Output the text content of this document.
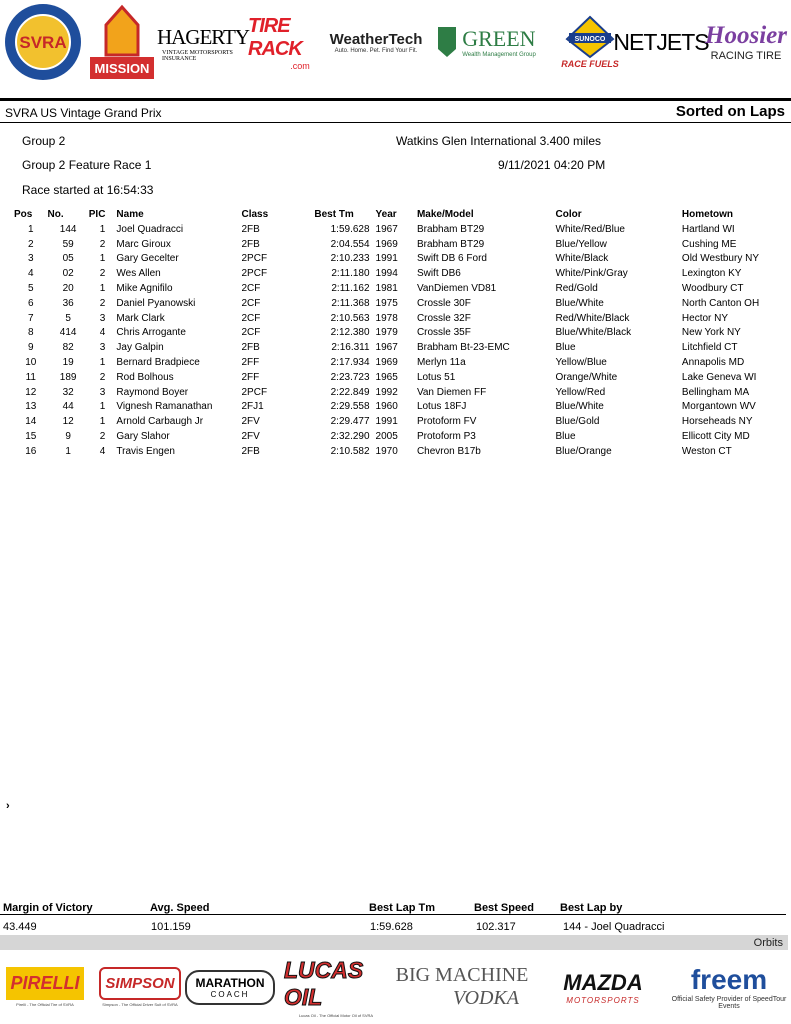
SVRA
MISSION
HAGERTY
VINTAGE MOTORSPORTS INSURANCE
TIRE RACK
.com
WeatherTech
Auto. Home. Pet. Find Your Fit. GREEN
Wealth Management Group
SUNOCO
RACE FUELS
NETJETS
Hoosier
RACING TIRE
SVRA US Vintage Grand Prix	Sorted on Laps
Group 2	Watkins Glen International 3.400 miles
Group 2 Feature Race 1	9/11/2021 04:20 PM
Race started at 16:54:33
Pos	No.	PIC	Name	Class	Best Tm	Year	Make/Model	Color	Hometown
1	144	1	Joel Quadracci	2FB	1:59.628	1967	Brabham BT29	White/Red/Blue	Hartland WI
2	59	2	Marc Giroux	2FB	2:04.554	1969	Brabham BT29	Blue/Yellow	Cushing ME
3	05	1	Gary Gecelter	2PCF	2:10.233	1991	Swift DB 6 Ford	White/Black	Old Westbury NY
4	02	2	Wes Allen	2PCF	2:11.180	1994	Swift DB6	White/Pink/Gray	Lexington KY
5	20	1	Mike Agnifilo	2CF	2:11.162	1981	VanDiemen VD81	Red/Gold	Woodbury CT
6	36	2	Daniel Pyanowski	2CF	2:11.368	1975	Crossle 30F	Blue/White	North Canton OH
7	5	3	Mark Clark	2CF	2:10.563	1978	Crossle 32F	Red/White/Black	Hector NY
8	414	4	Chris Arrogante	2CF	2:12.380	1979	Crossle 35F	Blue/White/Black	New York NY
9	82	3	Jay Galpin	2FB	2:16.311	1967	Brabham Bt-23-EMC	Blue	Litchfield CT
10	19	1	Bernard Bradpiece	2FF	2:17.934	1969	Merlyn 11a	Yellow/Blue	Annapolis MD
11	189	2	Rod Bolhous	2FF	2:23.723	1965	Lotus 51	Orange/White	Lake Geneva WI
12	32	3	Raymond Boyer	2PCF	2:22.849	1992	Van Diemen FF	Yellow/Red	Bellingham MA
13	44	1	Vignesh Ramanathan	2FJ1	2:29.558	1960	Lotus 18FJ	Blue/White	Morgantown WV
14	12	1	Arnold Carbaugh Jr	2FV	2:29.477	1991	Protoform FV	Blue/Gold	Horseheads NY
15	9	2	Gary Slahor	2FV	2:32.290	2005	Protoform P3	Blue	Ellicott City MD
16	1	4	Travis Engen	2FB	2:10.582	1970	Chevron B17b	Blue/Orange	Weston CT
›
Margin of Victory	Avg. Speed	Best Lap Tm	Best Speed Best Lap by
43.449	101.159	1:59.628	102.317	144 - Joel Quadracci
Orbits
PIRELLI
Pirelli - The Official Tire of SVRA
SIMPSON
Simpson - The Official Driver Suit of SVRA
MARATHON
COACH
LUCAS OIL
Lucas Oil - The Official Motor Oil of SVRA
BIG MACHINE
VODKA
MAZDA
MOTORSPORTS
freem
Official Safety Provider of SpeedTour Events
